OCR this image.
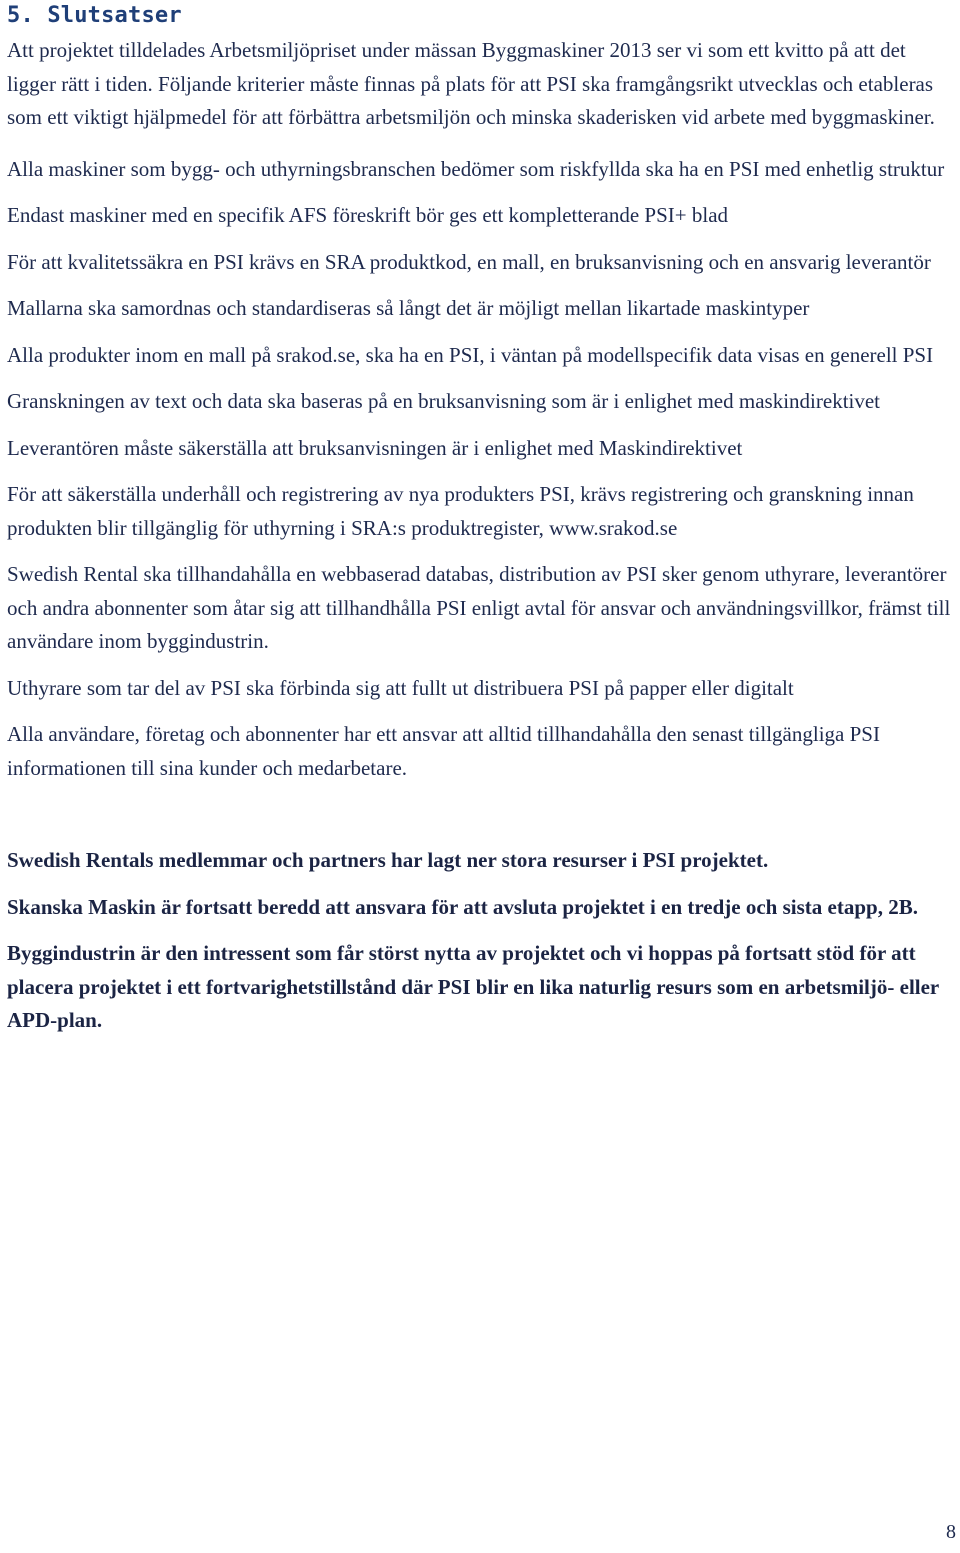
5. Slutsatser

Att projektet tilldelades Arbetsmiljöpriset under mässan Byggmaskiner 2013 ser vi som ett kvitto på att det ligger rätt i tiden. Följande kriterier måste finnas på plats för att PSI ska framgångsrikt utvecklas och etableras som ett viktigt hjälpmedel för att förbättra arbetsmiljön och minska skaderisken vid arbete med byggmaskiner.

Alla maskiner som bygg- och uthyrningsbranschen bedömer som riskfyllda ska ha en PSI med enhetlig struktur

Endast maskiner med en specifik AFS föreskrift bör ges ett kompletterande PSI+ blad

För att kvalitetssäkra en PSI krävs en SRA produktkod, en mall, en bruksanvisning och en ansvarig leverantör

Mallarna ska samordnas och standardiseras så långt det är möjligt mellan likartade maskintyper

Alla produkter inom en mall på srakod.se, ska ha en PSI, i väntan på modellspecifik data visas en generell PSI

Granskningen av text och data ska baseras på en bruksanvisning som är i enlighet med maskindirektivet

Leverantören måste säkerställa att bruksanvisningen är i enlighet med Maskindirektivet

För att säkerställa underhåll och registrering av nya produkters PSI, krävs registrering och granskning innan produkten blir tillgänglig för uthyrning i SRA:s produktregister, www.srakod.se

Swedish Rental ska tillhandahålla en webbaserad databas, distribution av PSI sker genom uthyrare, leverantörer och andra abonnenter som åtar sig att tillhandhålla PSI enligt avtal för ansvar och användningsvillkor, främst till användare inom byggindustrin.

Uthyrare som tar del av PSI ska förbinda sig att fullt ut distribuera PSI på papper eller digitalt

Alla användare, företag och abonnenter har ett ansvar att alltid tillhandahålla den senast tillgängliga PSI informationen till sina kunder och medarbetare.

Swedish Rentals medlemmar och partners har lagt ner stora resurser i PSI projektet.

Skanska Maskin är fortsatt beredd att ansvara för att avsluta projektet i en tredje och sista etapp, 2B.

Byggindustrin är den intressent som får störst nytta av projektet och vi hoppas på fortsatt stöd för att placera projektet i ett fortvarighetstillstånd där PSI blir en lika naturlig resurs som en arbetsmiljö- eller APD-plan.

8
